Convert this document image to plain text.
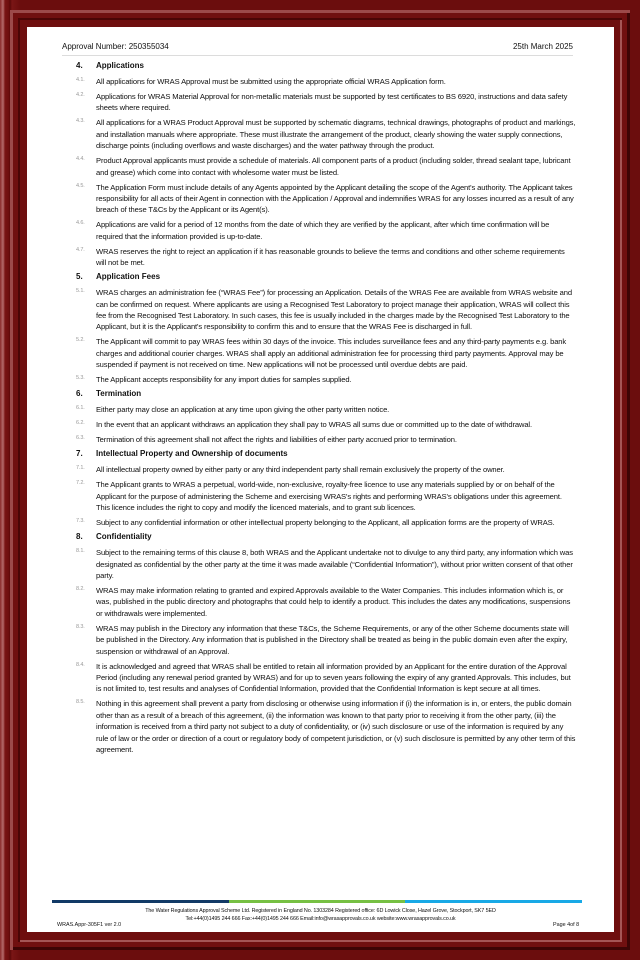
Approval Number: 250355034	25th March 2025
4.	Applications
4.1.	All applications for WRAS Approval must be submitted using the appropriate official WRAS Application form.
4.2.	Applications for WRAS Material Approval for non-metallic materials must be supported by test certificates to BS 6920, instructions and data safety sheets where required.
4.3.	All applications for a WRAS Product Approval must be supported by schematic diagrams, technical drawings, photographs of product and markings, and installation manuals where appropriate. These must illustrate the arrangement of the product, clearly showing the water supply connections, discharge points (including overflows and waste discharges) and the water pathway through the product.
4.4.	Product Approval applicants must provide a schedule of materials. All component parts of a product (including solder, thread sealant tape, lubricant and grease) which come into contact with wholesome water must be listed.
4.5.	The Application Form must include details of any Agents appointed by the Applicant detailing the scope of the Agent's authority. The Applicant takes responsibility for all acts of their Agent in connection with the Application / Approval and indemnifies WRAS for any losses incurred as a result of any breach of these T&Cs by the Applicant or its Agent(s).
4.6.	Applications are valid for a period of 12 months from the date of which they are verified by the applicant, after which time confirmation will be required that the information provided is up-to-date.
4.7.	WRAS reserves the right to reject an application if it has reasonable grounds to believe the terms and conditions and other scheme requirements will not be met.
5.	Application Fees
5.1.	WRAS charges an administration fee (“WRAS Fee”) for processing an Application. Details of the WRAS Fee are available from WRAS website and can be confirmed on request. Where applicants are using a Recognised Test Laboratory to project manage their application, WRAS will collect this fee from the Recognised Test Laboratory. In such cases, this fee is usually included in the charges made by the Recognised Test Laboratory to the Applicant, but it is the Applicant's responsibility to confirm this and to ensure that the WRAS Fee is discharged in full.
5.2.	The Applicant will commit to pay WRAS fees within 30 days of the invoice. This includes surveillance fees and any third-party payments e.g. bank charges and additional courier charges. WRAS shall apply an additional administration fee for processing third party payments. Approval may be suspended if payment is not received on time. New applications will not be processed until overdue debts are paid.
5.3.	The Applicant accepts responsibility for any import duties for samples supplied.
6.	Termination
6.1.	Either party may close an application at any time upon giving the other party written notice.
6.2.	In the event that an applicant withdraws an application they shall pay to WRAS all sums due or committed up to the date of withdrawal.
6.3.	Termination of this agreement shall not affect the rights and liabilities of either party accrued prior to termination.
7.	Intellectual Property and Ownership of documents
7.1.	All intellectual property owned by either party or any third independent party shall remain exclusively the property of the owner.
7.2.	The Applicant grants to WRAS a perpetual, world-wide, non-exclusive, royalty-free licence to use any materials supplied by or on behalf of the Applicant for the purpose of administering the Scheme and exercising WRAS's rights and performing WRAS's obligations under this agreement. This licence includes the right to copy and modify the licenced materials, and to grant sub licences.
7.3.	Subject to any confidential information or other intellectual property belonging to the Applicant, all application forms are the property of WRAS.
8.	Confidentiality
8.1.	Subject to the remaining terms of this clause 8, both WRAS and the Applicant undertake not to divulge to any third party, any information which was designated as confidential by the other party at the time it was made available (“Confidential Information”), without prior written consent of that other party.
8.2.	WRAS may make information relating to granted and expired Approvals available to the Water Companies. This includes information which is, or was, published in the public directory and photographs that could help to identify a product. This includes the dates any modifications, suspensions or withdrawals were implemented.
8.3.	WRAS may publish in the Directory any information that these T&Cs, the Scheme Requirements, or any of the other Scheme documents state will be published in the Directory. Any information that is published in the Directory shall be treated as being in the public domain even after the expiry, suspension or withdrawal of an Approval.
8.4.	It is acknowledged and agreed that WRAS shall be entitled to retain all information provided by an Applicant for the entire duration of the Approval Period (including any renewal period granted by WRAS) and for up to seven years following the expiry of any granted Approvals. This includes, but is not limited to, test results and analyses of Confidential Information, provided that the Confidential Information is kept secure at all times.
8.5.	Nothing in this agreement shall prevent a party from disclosing or otherwise using information if (i) the information is in, or enters, the public domain other than as a result of a breach of this agreement, (ii) the information was known to that party prior to receiving it from the other party, (iii) the information is received from a third party not subject to a duty of confidentiality, or (iv) such disclosure or use of the information is required by any rule of law or the order or direction of a court or regulatory body of competent jurisdiction, or (v) such disclosure is permitted by any other term of this agreement.
The Water Regulations Approval Scheme Ltd. Registered in England No. 1303284 Registered office: 6D Lowick Close, Hazel Grove, Stockport, SK7 5ED
Tel:+44(0)1495 244 666 Fax:+44(0)1495 244 666 Email:info@wrasapprovals.co.uk website:www.wrasapprovals.co.uk
WRAS.Appr-305F1 ver 2.0	Page 4of 8
